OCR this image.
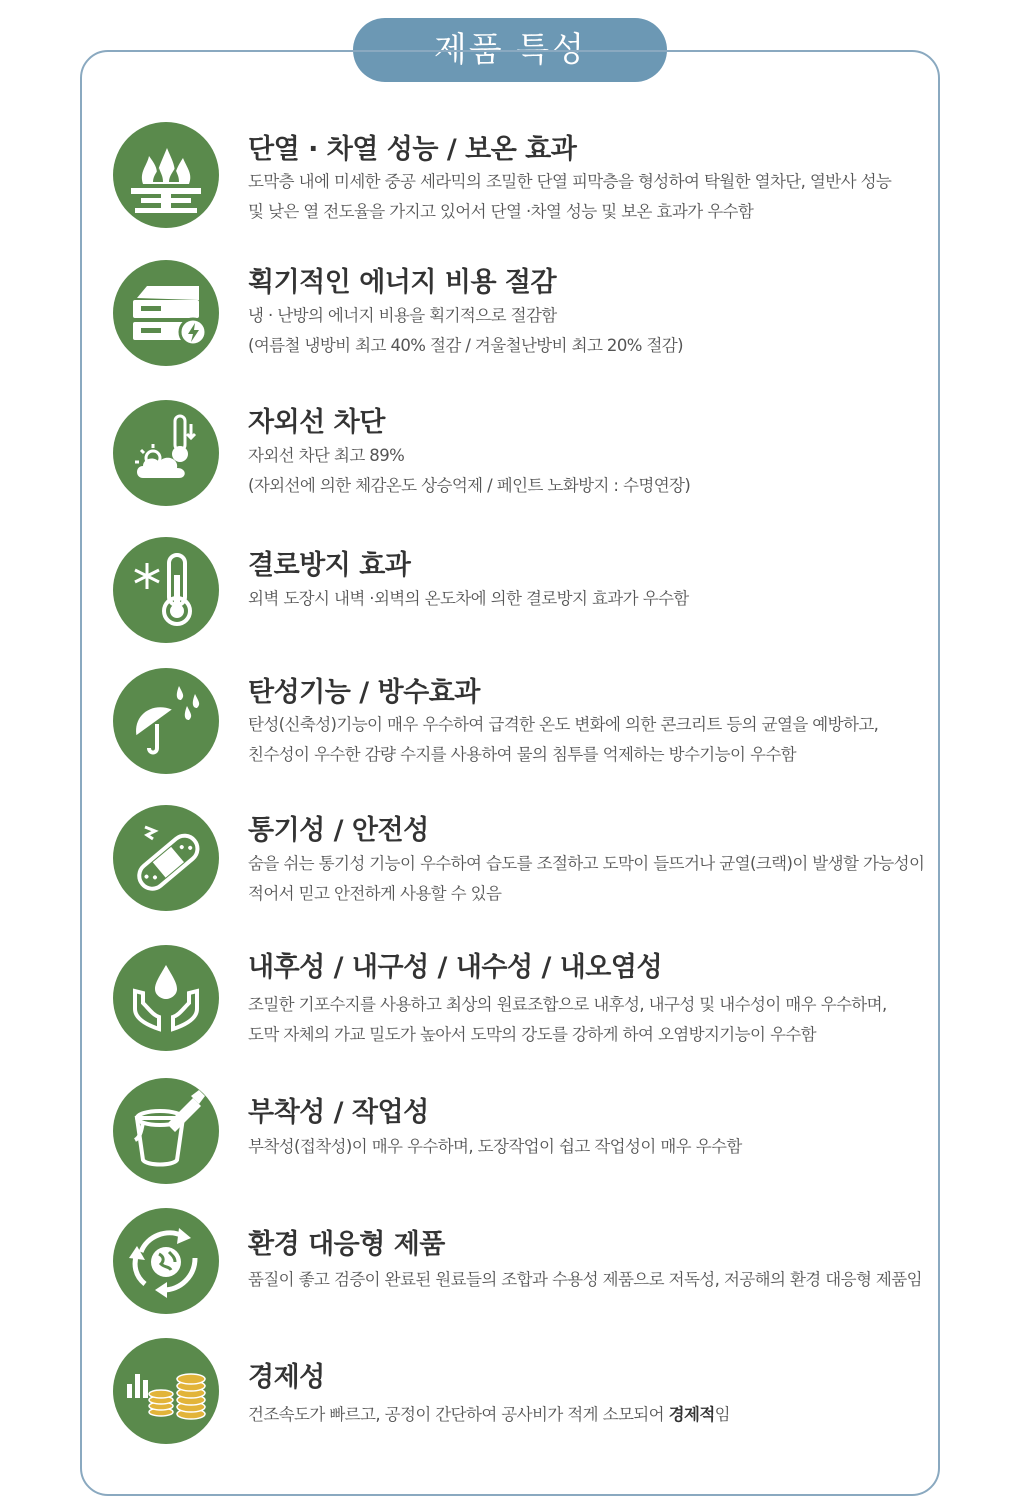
제품 특성
단열 · 차열 성능 / 보온 효과
도막층 내에 미세한 중공 세라믹의 조밀한 단열 피막층을 형성하여 탁월한 열차단, 열반사 성능
및 낮은 열 전도율을 가지고 있어서 단열 ·차열 성능 및 보온 효과가 우수함
획기적인 에너지 비용 절감
냉 · 난방의 에너지 비용을 획기적으로 절감함
(여름철 냉방비 최고 40% 절감 / 겨울철난방비 최고 20% 절감)
자외선 차단
자외선 차단 최고 89%
(자외선에 의한 체감온도 상승억제 / 페인트 노화방지 : 수명연장)
결로방지 효과
외벽 도장시 내벽 ·외벽의 온도차에 의한 결로방지 효과가 우수함
탄성기능 / 방수효과
탄성(신축성)기능이 매우 우수하여 급격한 온도 변화에 의한 콘크리트 등의 균열을 예방하고,
친수성이 우수한 감량 수지를 사용하여 물의 침투를 억제하는 방수기능이 우수함
통기성 / 안전성
숨을 쉬는 통기성 기능이 우수하여 습도를 조절하고 도막이 들뜨거나 균열(크랙)이 발생할 가능성이
적어서 믿고 안전하게 사용할 수 있음
내후성 / 내구성 / 내수성 / 내오염성
조밀한 기포수지를 사용하고 최상의 원료조합으로 내후성, 내구성 및 내수성이 매우 우수하며,
도막 자체의 가교 밀도가 높아서 도막의 강도를 강하게 하여 오염방지기능이 우수함
부착성 / 작업성
부착성(접착성)이 매우 우수하며, 도장작업이 쉽고 작업성이 매우 우수함
환경 대응형 제품
품질이 좋고 검증이 완료된 원료들의 조합과 수용성 제품으로 저독성, 저공해의 환경 대응형 제품임
경제성
건조속도가 빠르고, 공정이 간단하여 공사비가 적게 소모되어 경제적임
